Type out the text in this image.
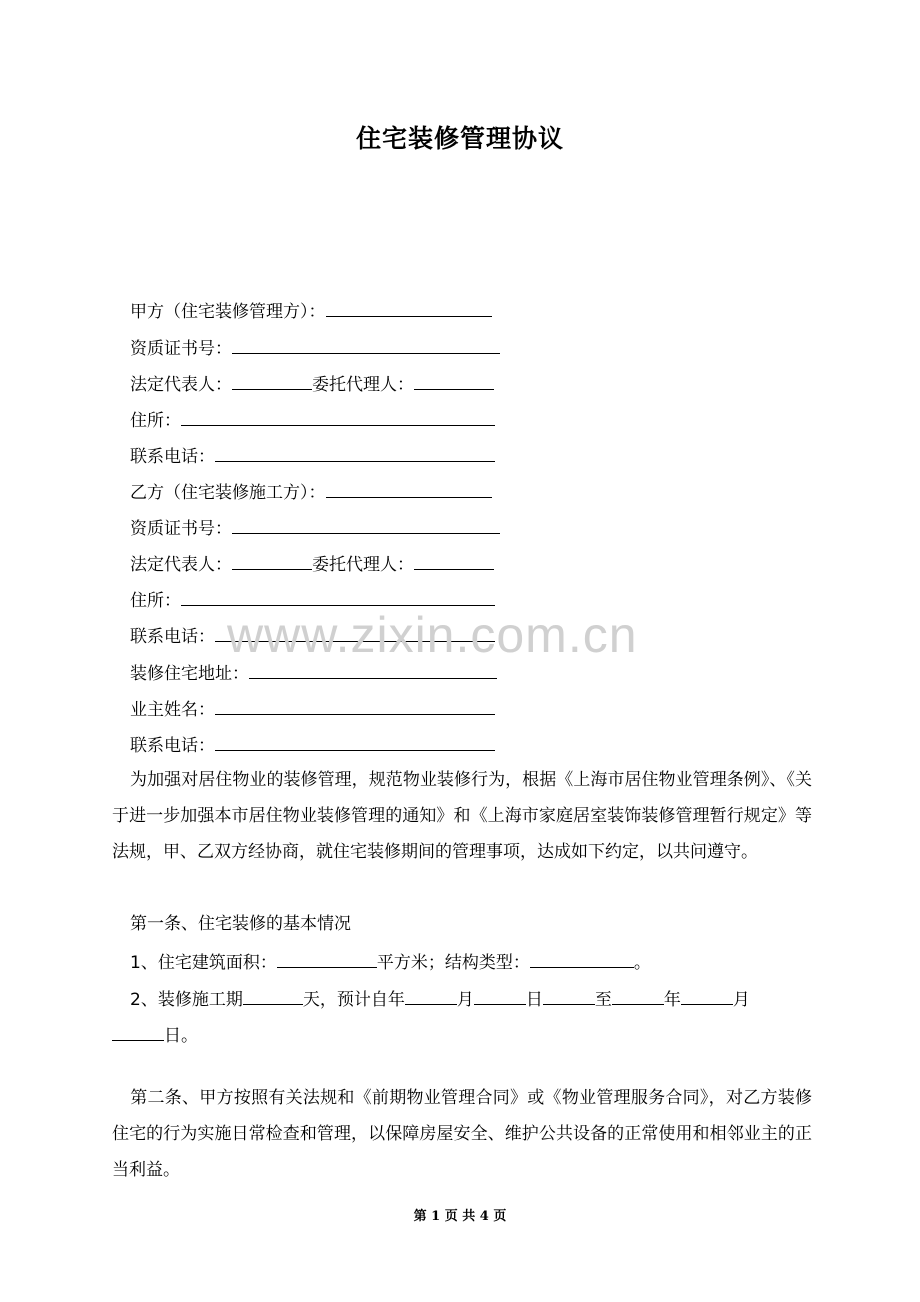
住宅装修管理协议
甲方（住宅装修管理方）：
资质证书号：
法定代表人：	委托代理人：
住所：
联系电话：
乙方（住宅装修施工方）：
资质证书号：
法定代表人：	委托代理人：
住所：
联系电话：
装修住宅地址：
业主姓名：
联系电话：
为加强对居住物业的装修管理，规范物业装修行为，根据《上海市居住物业管理条例》、《关于进一步加强本市居住物业装修管理的通知》和《上海市家庭居室装饰装修管理暂行规定》等法规，甲、乙双方经协商，就住宅装修期间的管理事项，达成如下约定，以共问遵守。
第一条、住宅装修的基本情况
1、住宅建筑面积：	平方米；结构类型：	。
2、装修施工期	天，预计自年	月	日	至	年	月
日。
第二条、甲方按照有关法规和《前期物业管理合同》或《物业管理服务合同》，对乙方装修住宅的行为实施日常检查和管理，以保障房屋安全、维护公共设备的正常使用和相邻业主的正当利益。
www.zixin.com.cn
第 1 页 共 4 页
